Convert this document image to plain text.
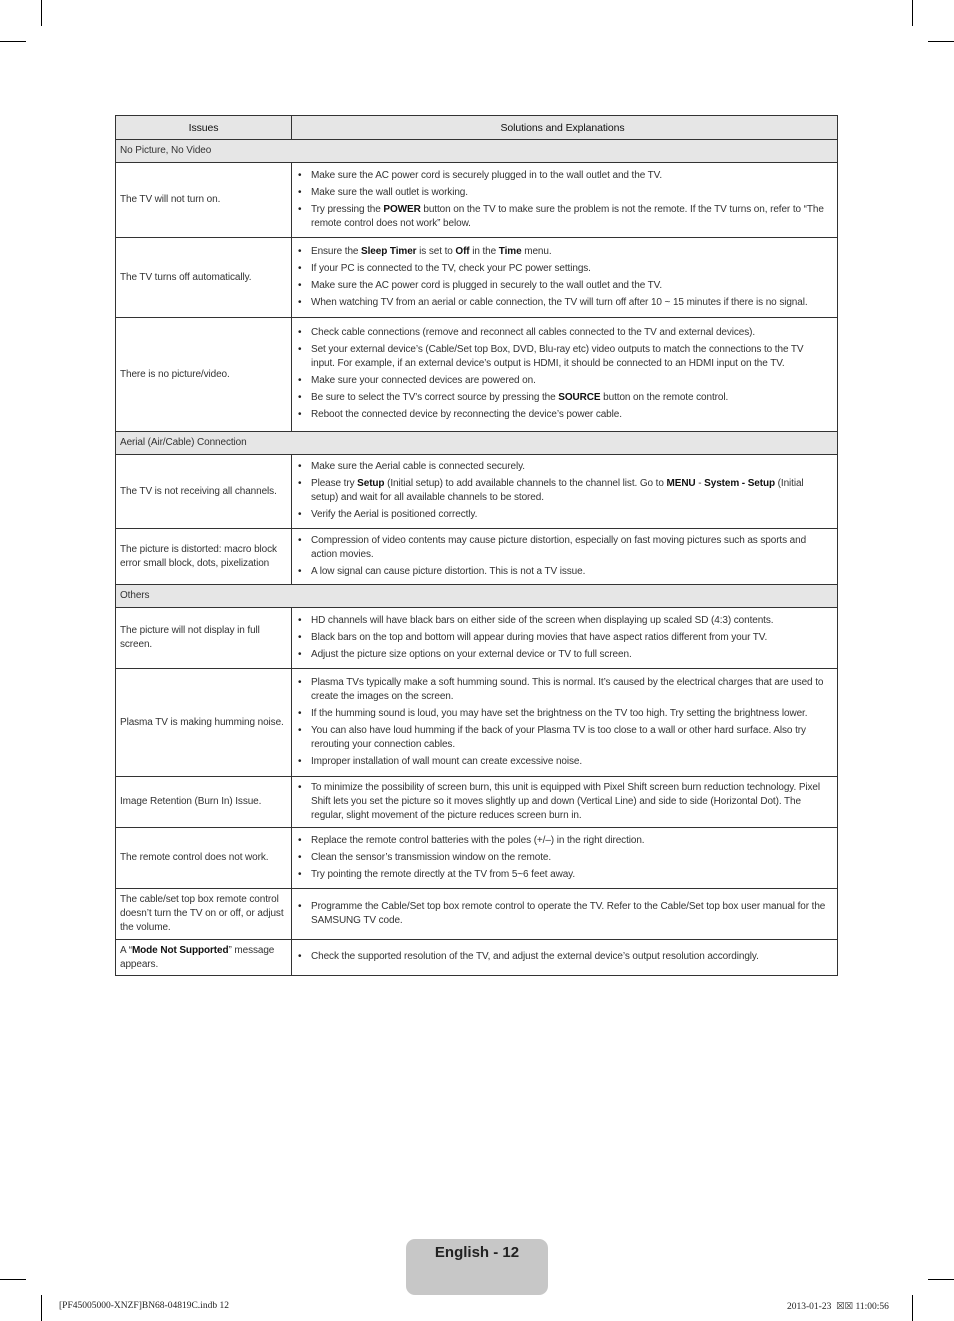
Issues	Solutions and Explanations
No Picture, No Video
The TV will not turn on.
• Make sure the AC power cord is securely plugged in to the wall outlet and the TV.
• Make sure the wall outlet is working.
• Try pressing the POWER button on the TV to make sure the problem is not the remote. If the TV turns on, refer to “The remote control does not work” below.
The TV turns off automatically.
• Ensure the Sleep Timer is set to Off in the Time menu.
• If your PC is connected to the TV, check your PC power settings.
• Make sure the AC power cord is plugged in securely to the wall outlet and the TV.
• When watching TV from an aerial or cable connection, the TV will turn off after 10 ~ 15 minutes if there is no signal.
There is no picture/video.
• Check cable connections (remove and reconnect all cables connected to the TV and external devices).
• Set your external device’s (Cable/Set top Box, DVD, Blu-ray etc) video outputs to match the connections to the TV input. For example, if an external device’s output is HDMI, it should be connected to an HDMI input on the TV.
• Make sure your connected devices are powered on.
• Be sure to select the TV’s correct source by pressing the SOURCE button on the remote control.
• Reboot the connected device by reconnecting the device’s power cable.
Aerial (Air/Cable) Connection
The TV is not receiving all channels.
• Make sure the Aerial cable is connected securely.
• Please try Setup (Initial setup) to add available channels to the channel list. Go to MENU - System - Setup (Initial setup) and wait for all available channels to be stored.
• Verify the Aerial is positioned correctly.
The picture is distorted: macro block error small block, dots, pixelization
• Compression of video contents may cause picture distortion, especially on fast moving pictures such as sports and action movies.
• A low signal can cause picture distortion. This is not a TV issue.
Others
The picture will not display in full screen.
• HD channels will have black bars on either side of the screen when displaying up scaled SD (4:3) contents.
• Black bars on the top and bottom will appear during movies that have aspect ratios different from your TV.
• Adjust the picture size options on your external device or TV to full screen.
Plasma TV is making humming noise.
• Plasma TVs typically make a soft humming sound. This is normal. It’s caused by the electrical charges that are used to create the images on the screen.
• If the humming sound is loud, you may have set the brightness on the TV too high. Try setting the brightness lower.
• You can also have loud humming if the back of your Plasma TV is too close to a wall or other hard surface. Also try rerouting your connection cables.
• Improper installation of wall mount can create excessive noise.
Image Retention (Burn In) Issue.
• To minimize the possibility of screen burn, this unit is equipped with Pixel Shift screen burn reduction technology. Pixel Shift lets you set the picture so it moves slightly up and down (Vertical Line) and side to side (Horizontal Dot). The regular, slight movement of the picture reduces screen burn in.
The remote control does not work.
• Replace the remote control batteries with the poles (+/–) in the right direction.
• Clean the sensor’s transmission window on the remote.
• Try pointing the remote directly at the TV from 5~6 feet away.
The cable/set top box remote control doesn’t turn the TV on or off, or adjust the volume.
• Programme the Cable/Set top box remote control to operate the TV. Refer to the Cable/Set top box user manual for the SAMSUNG TV code.
A “Mode Not Supported” message appears.
• Check the supported resolution of the TV, and adjust the external device’s output resolution accordingly.
English - 12
[PF45005000-XNZF]BN68-04819C.indb 12	2013-01-23  ☒☒ 11:00:56
